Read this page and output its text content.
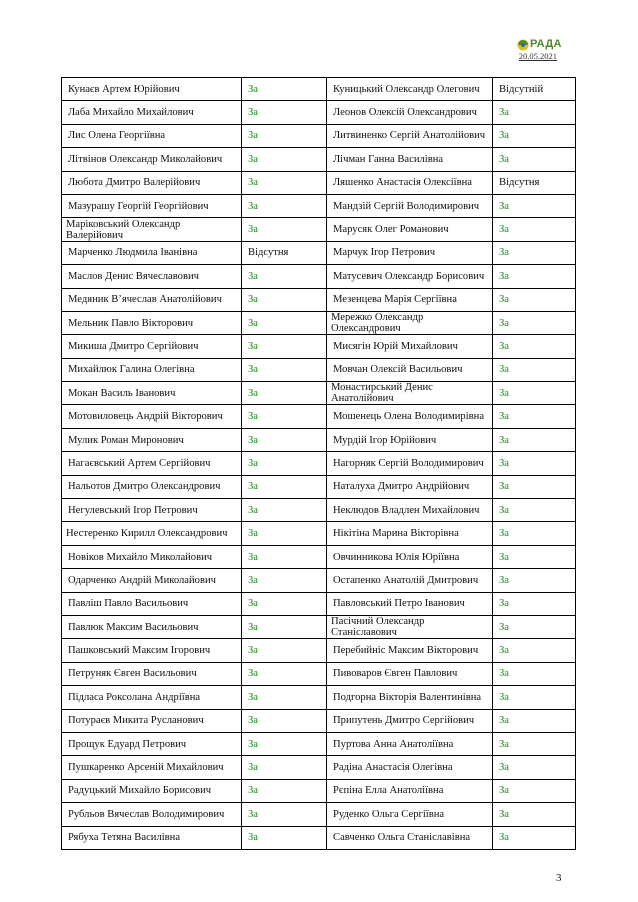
РАДА
20.05.2021
Кунаєв Артем Юрійович	За	Куницький Олександр Олегович	Відсутній
Лаба Михайло Михайлович	За	Леонов Олексій Олександрович	За
Лис Олена Георгіївна	За	Литвиненко Сергій Анатолійович	За
Літвінов Олександр Миколайович	За	Лічман Ганна Василівна	За
Люботa Дмитро Валерійович	За	Ляшенко Анастасія Олексіївна	Відсутня
Мазурашу Георгій Георгійович	За	Мандзій Сергій Володимирович	За
Маріковський Олександр Валерійович	За	Марусяк Олег Романович	За
Марченко Людмила Іванівна	Відсутня	Марчук Ігор Петрович	За
Маслов Денис Вячеславович	За	Матусевич Олександр Борисович	За
Медяник В’ячеслав Анатолійович	За	Мезенцева Марія Сергіївна	За
Мельник Павло Вікторович	За	Мережко Олександр Олександрович	За
Микиша Дмитро Сергійович	За	Мисягін Юрій Михайлович	За
Михайлюк Галина Олегівна	За	Мовчан Олексій Васильович	За
Мокан Василь Іванович	За	Монастирський Денис Анатолійович	За
Мотовиловець Андрій Вікторович	За	Мошенець Олена Володимирівна	За
Мулик Роман Миронович	За	Мурдій Ігор Юрійович	За
Нагаєвський Артем Сергійович	За	Нагорняк Сергій Володимирович	За
Нальотов Дмитро Олександрович	За	Наталуха Дмитро Андрійович	За
Негулевський Ігор Петрович	За	Неклюдов Владлен Михайлович	За
Нестеренко Кирилл Олександрович	За	Нікітіна Марина Вікторівна	За
Новіков Михайло Миколайович	За	Овчинникова Юлія Юріївна	За
Одарченко Андрій Миколайович	За	Остапенко Анатолій Дмитрович	За
Павліш Павло Васильович	За	Павловський Петро Іванович	За
Павлюк Максим Васильович	За	Пасічний Олександр Станіславович	За
Пашковський Максим Ігорович	За	Перебийніс Максим Вікторович	За
Петруняк Євген Васильович	За	Пивоваров Євген Павлович	За
Підласа Роксолана Андріївна	За	Подгорна Вікторія Валентинівна	За
Потураєв Микита Русланович	За	Припутень Дмитро Сергійович	За
Прощук Едуард Петрович	За	Пуртова Анна Анатоліївна	За
Пушкаренко Арсеній Михайлович	За	Радіна Анастасія Олегівна	За
Радуцький Михайло Борисович	За	Рєпіна Елла Анатоліївна	За
Рубльов Вячеслав Володимирович	За	Руденко Ольга Сергіївна	За
Рябуха Тетяна Василівна	За	Савченко Ольга Станіславівна	За
3
